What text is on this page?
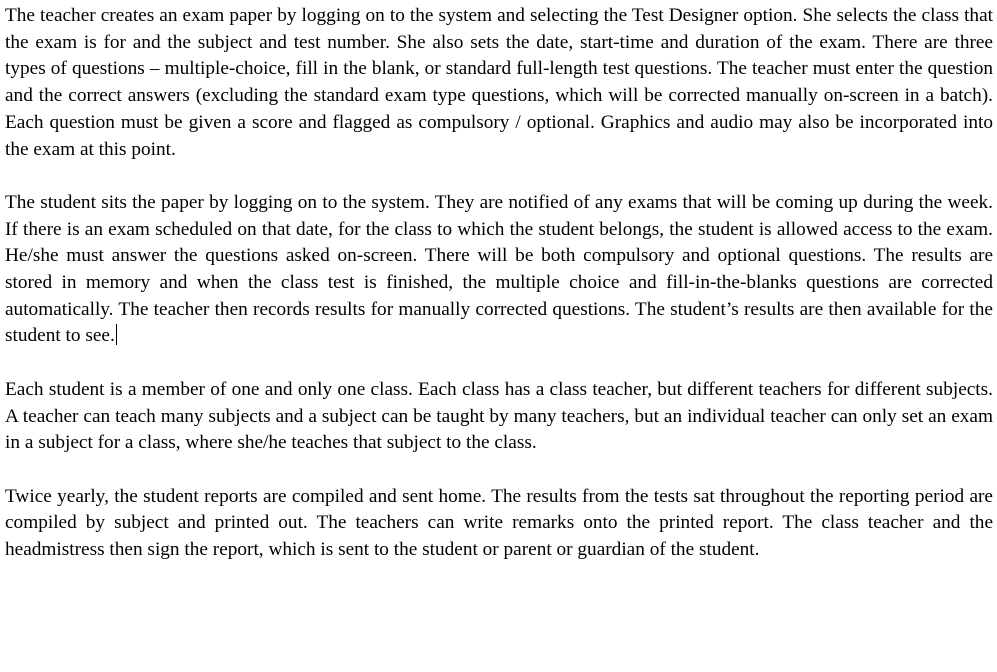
The teacher creates an exam paper by logging on to the system and selecting the Test Designer option. She selects the class that the exam is for and the subject and test number. She also sets the date, start-time and duration of the exam. There are three types of questions – multiple-choice, fill in the blank, or standard full-length test questions. The teacher must enter the question and the correct answers (excluding the standard exam type questions, which will be corrected manually on-screen in a batch). Each question must be given a score and flagged as compulsory / optional. Graphics and audio may also be incorporated into the exam at this point.

The student sits the paper by logging on to the system. They are notified of any exams that will be coming up during the week. If there is an exam scheduled on that date, for the class to which the student belongs, the student is allowed access to the exam. He/she must answer the questions asked on-screen. There will be both compulsory and optional questions. The results are stored in memory and when the class test is finished, the multiple choice and fill-in-the-blanks questions are corrected automatically. The teacher then records results for manually corrected questions. The student’s results are then available for the student to see.

Each student is a member of one and only one class. Each class has a class teacher, but different teachers for different subjects. A teacher can teach many subjects and a subject can be taught by many teachers, but an individual teacher can only set an exam in a subject for a class, where she/he teaches that subject to the class.

Twice yearly, the student reports are compiled and sent home. The results from the tests sat throughout the reporting period are compiled by subject and printed out. The teachers can write remarks onto the printed report. The class teacher and the headmistress then sign the report, which is sent to the student or parent or guardian of the student.
